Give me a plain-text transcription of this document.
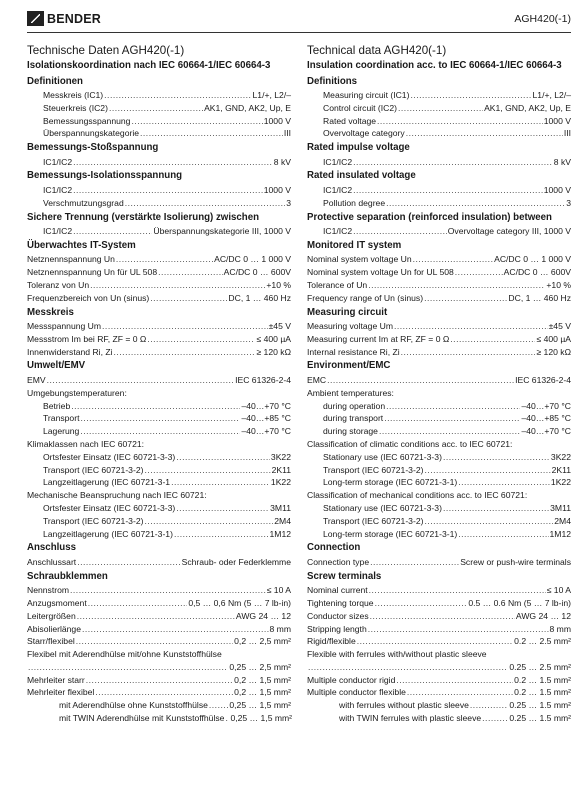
BENDER	AGH420(-1)
Technische Daten AGH420(-1)
Isolationskoordination nach IEC 60664-1/IEC 60664-3
Definitionen
Messkreis (IC1) .....	L1/+, L2/–
Steuerkreis (IC2) .....	AK1, GND, AK2, Up, E
Bemessungsspannung .....	1000 V
Überspannungskategorie .....	III
Bemessungs-Stoßspannung
IC1/IC2 .....	8 kV
Bemessungs-Isolationsspannung
IC1/IC2 .....	1000 V
Verschmutzungsgrad .....	3
Sichere Trennung (verstärkte Isolierung) zwischen
IC1/IC2 .....	Überspannungskategorie III, 1000 V
Überwachtes IT-System
Netznennspannung Un .....	AC/DC 0 … 1 000 V
Netznennspannung Un für UL 508 .....	AC/DC 0 … 600V
Toleranz von Un .....	+10 %
Frequenzbereich von Un (sinus) .....	DC, 1 … 460 Hz
Messkreis
Messspannung Um .....	±45 V
Messstrom Im bei RF, ZF = 0 Ω .....	≤ 400 µA
Innenwiderstand Ri, Zi .....	≥ 120 kΩ
Umwelt/EMV
EMV .....	IEC 61326-2-4
Umgebungstemperaturen:
Betrieb .....	–40…+70 °C
Transport .....	–40…+85 °C
Lagerung .....	–40…+70 °C
Klimaklassen nach IEC 60721:
Ortsfester Einsatz (IEC 60721-3-3) .....	3K22
Transport (IEC 60721-3-2) .....	2K11
Langzeitlagerung (IEC 60721-3-1 .....	1K22
Mechanische Beanspruchung nach IEC 60721:
Ortsfester Einsatz (IEC 60721-3-3) .....	3M11
Transport (IEC 60721-3-2) .....	2M4
Langzeitlagerung (IEC 60721-3-1) .....	1M12
Anschluss
Anschlussart .....	Schraub- oder Federklemme
Schraubklemmen
Nennstrom .....	≤ 10 A
Anzugsmoment .....	0,5 … 0,6 Nm (5 … 7 lb-in)
Leitergrößen .....	AWG 24 … 12
Abisolierlänge .....	8 mm
Starr/flexibel .....	0,2 … 2,5 mm²
Flexibel mit Aderendhülse mit/ohne Kunststoffhülse
.....
0,25 … 2,5 mm²
Mehrleiter starr .....	0,2 … 1,5 mm²
Mehrleiter flexibel .....	0,2 … 1,5 mm²
mit Aderendhülse ohne Kunststoffhülse ..... 0,25 … 1,5 mm²
mit TWIN Aderendhülse mit Kunststoffhülse ..... 0,25 … 1,5 mm²
Technical data AGH420(-1)
Insulation coordination acc. to IEC 60664-1/IEC 60664-3
Definitions
Measuring circuit (IC1) .....	L1/+, L2/–
Control circuit (IC2) .....	AK1, GND, AK2, Up, E
Rated voltage .....	1000 V
Overvoltage category .....	III
Rated impulse voltage
IC1/IC2 .....	8 kV
Rated insulated voltage
IC1/IC2 .....	1000 V
Pollution degree .....	3
Protective separation (reinforced insulation) between
IC1/IC2 .....	Overvoltage category III, 1000 V
Monitored IT system
Nominal system voltage Un .....	AC/DC 0 … 1 000 V
Nominal system voltage Un for UL 508 .....	AC/DC 0 … 600V
Tolerance of Un .....	+10 %
Frequency range of Un (sinus) .....	DC, 1 … 460 Hz
Measuring circuit
Measuring voltage Um .....	±45 V
Measuring current Im at RF, ZF = 0 Ω .....	≤ 400 µA
Internal resistance Ri, Zi .....	≥ 120 kΩ
Environment/EMC
EMC .....	IEC 61326-2-4
Ambient temperatures:
during operation .....	–40…+70 °C
during transport .....	–40…+85 °C
during storage .....	–40…+70 °C
Classification of climatic conditions acc. to IEC 60721:
Stationary use (IEC 60721-3-3) .....	3K22
Transport (IEC 60721-3-2) .....	2K11
Long-term storage (IEC 60721-3-1) .....	1K22
Classification of mechanical conditions acc. to IEC 60721:
Stationary use (IEC 60721-3-3) .....	3M11
Transport (IEC 60721-3-2) .....	2M4
Long-term storage (IEC 60721-3-1) .....	1M12
Connection
Connection type .....	Screw or push-wire terminals
Screw terminals
Nominal current .....	≤ 10 A
Tightening torque .....	0.5 … 0.6 Nm (5 … 7 lb-in)
Conductor sizes .....	AWG 24 … 12
Stripping length .....	8 mm
Rigid/flexible .....	0.2 … 2.5 mm²
Flexible with ferrules with/without plastic sleeve
.....
0.25 … 2.5 mm²
Multiple conductor rigid .....	0.2 … 1.5 mm²
Multiple conductor flexible .....	0.2 … 1.5 mm²
with ferrules without plastic sleeve .....	0.25 … 1.5 mm²
with TWIN ferrules with plastic sleeve .....	0.25 … 1.5 mm²
